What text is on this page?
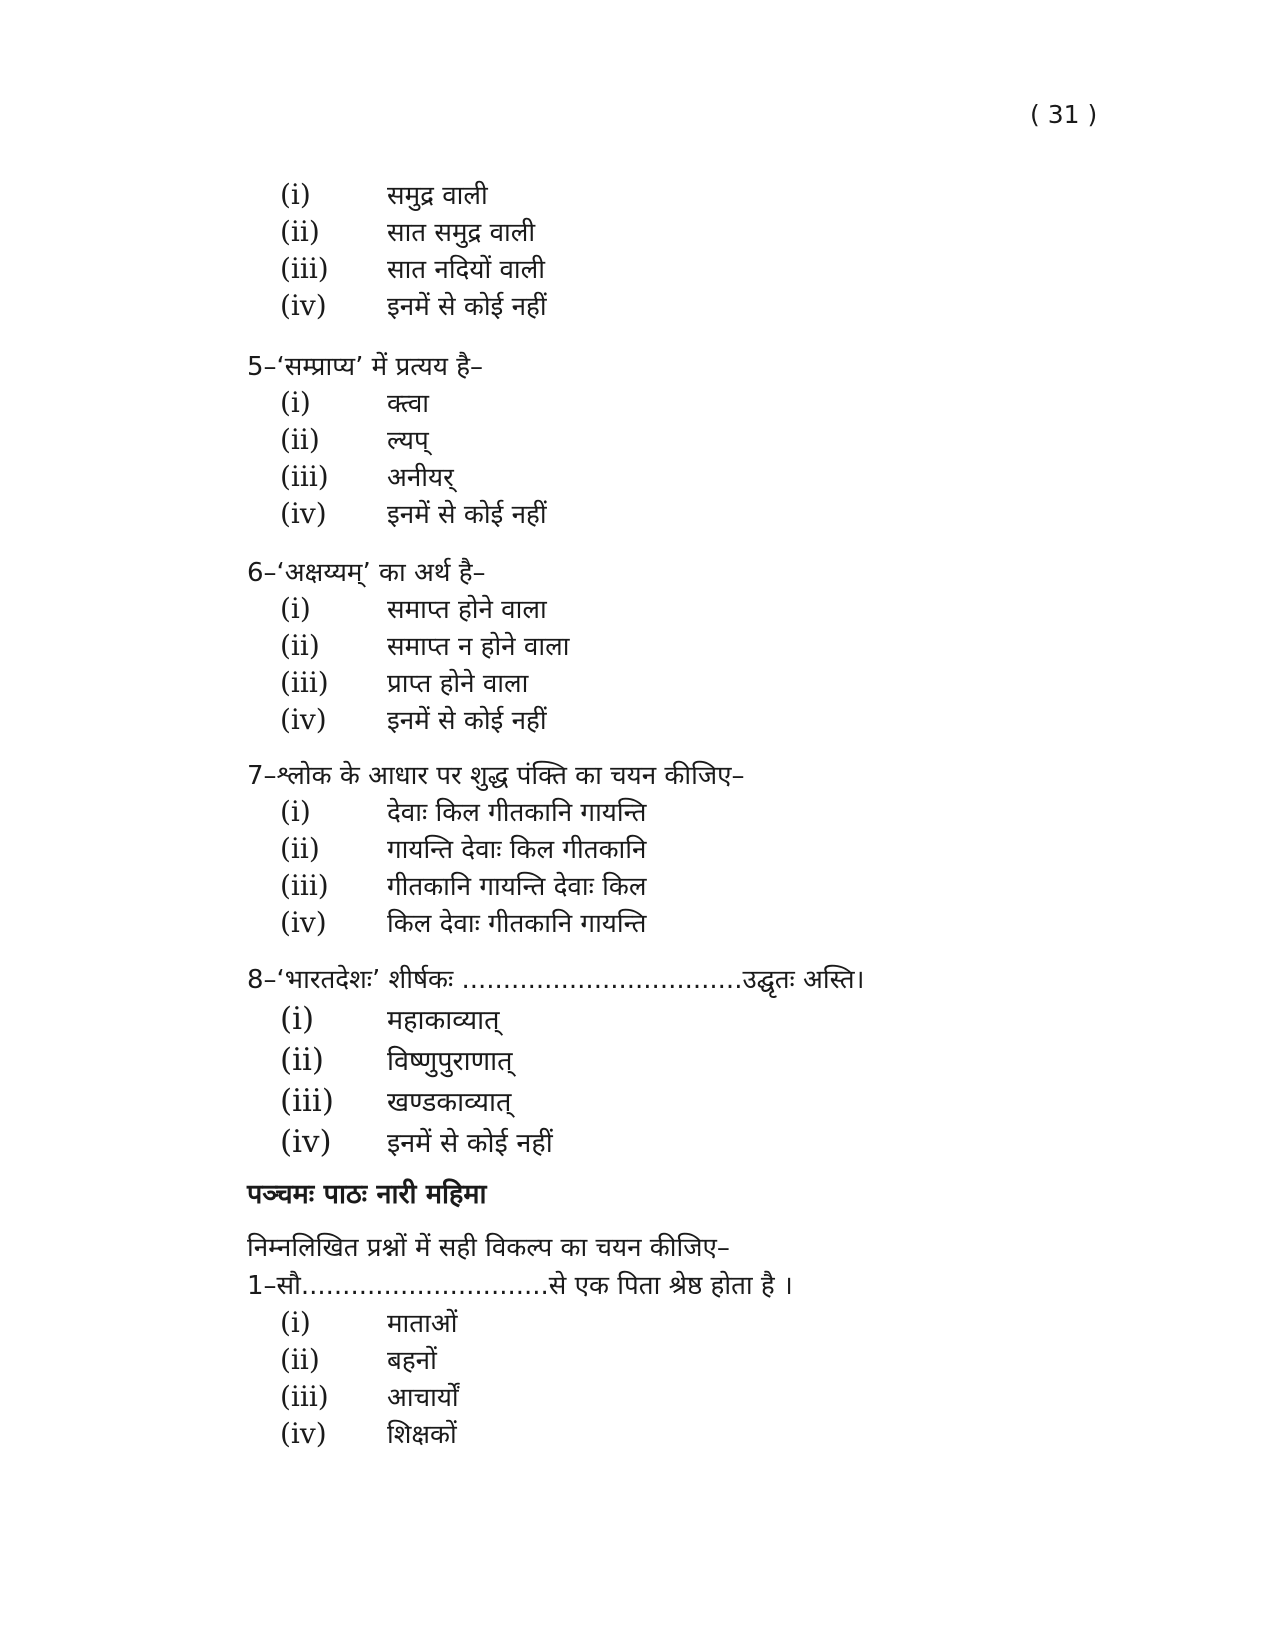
( 31 )
(i)	समुद्र वाली
(ii)	सात समुद्र वाली
(iii)	सात नदियों वाली
(iv)	इनमें से कोई नहीं
5–‘सम्प्राप्य’ में प्रत्यय है–
(i)	क्त्वा
(ii)	ल्यप्
(iii)	अनीयर्
(iv)	इनमें से कोई नहीं
6–‘अक्षय्यम्’ का अर्थ है–
(i)	समाप्त होने वाला
(ii)	समाप्त न होने वाला
(iii)	प्राप्त होने वाला
(iv)	इनमें से कोई नहीं
7–श्लोक के आधार पर शुद्ध पंक्ति का चयन कीजिए–
(i)	देवाः किल गीतकानि गायन्ति
(ii)	गायन्ति देवाः किल गीतकानि
(iii)	गीतकानि गायन्ति देवाः किल
(iv)	किल देवाः गीतकानि गायन्ति
8–‘भारतदेशः’ शीर्षकः ..................................उद्घृतः अस्ति।
(i)	महाकाव्यात्
(ii)	विष्णुपुराणात्
(iii)	खण्डकाव्यात्
(iv)	इनमें से कोई नहीं
पञ्चमः पाठः नारी महिमा
निम्नलिखित प्रश्नों में सही विकल्प का चयन कीजिए–
1–सौ..............................से एक पिता श्रेष्ठ होता है ।
(i)	माताओं
(ii)	बहनों
(iii)	आचार्यों
(iv)	शिक्षकों
